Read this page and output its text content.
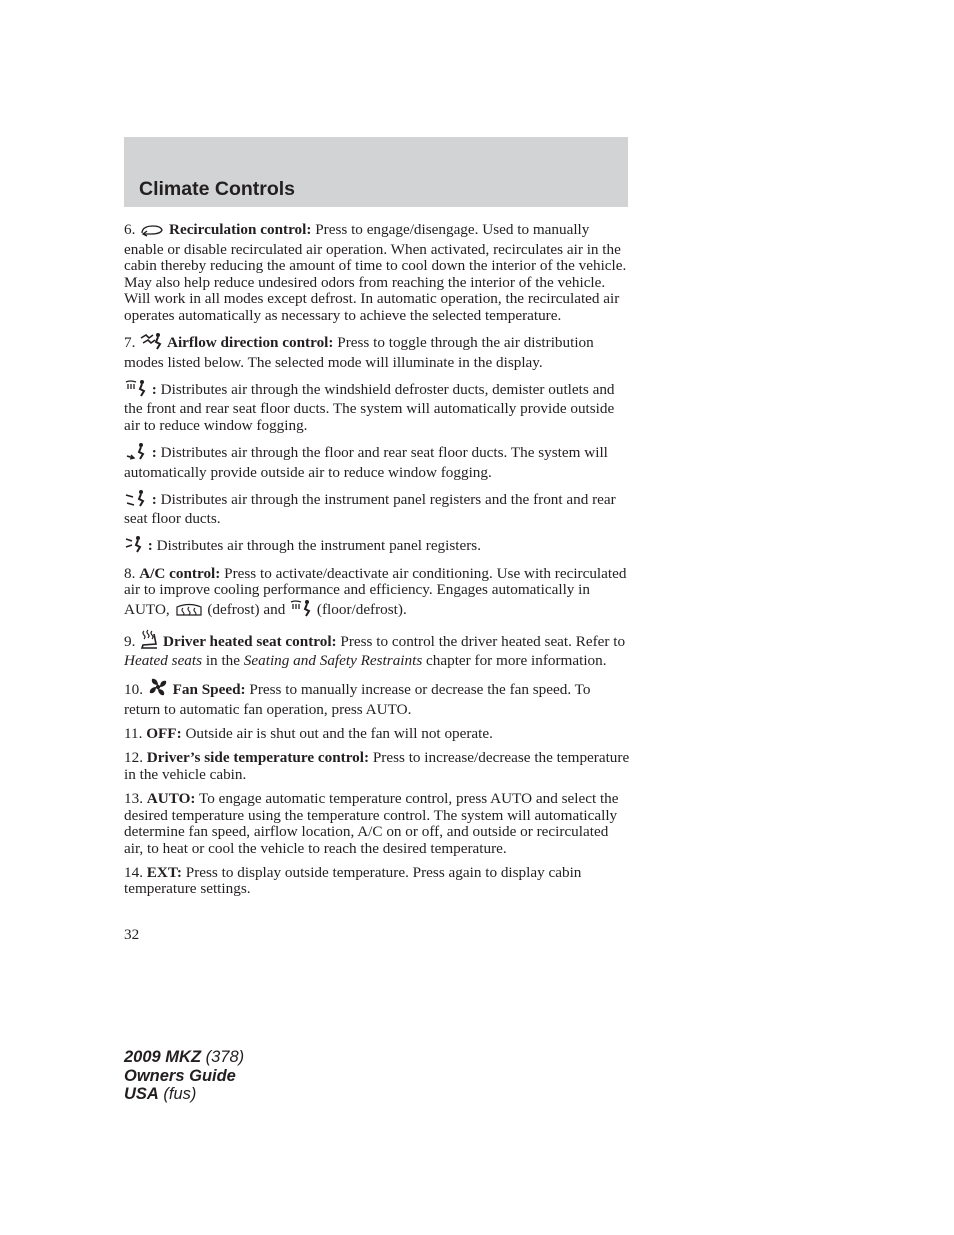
Climate Controls

6. Recirculation control: Press to engage/disengage. Used to manually enable or disable recirculated air operation. When activated, recirculates air in the cabin thereby reducing the amount of time to cool down the interior of the vehicle. May also help reduce undesired odors from reaching the interior of the vehicle. Will work in all modes except defrost. In automatic operation, the recirculated air operates automatically as necessary to achieve the selected temperature.

7. Airflow direction control: Press to toggle through the air distribution modes listed below. The selected mode will illuminate in the display.

: Distributes air through the windshield defroster ducts, demister outlets and the front and rear seat floor ducts. The system will automatically provide outside air to reduce window fogging.

: Distributes air through the floor and rear seat floor ducts. The system will automatically provide outside air to reduce window fogging.

: Distributes air through the instrument panel registers and the front and rear seat floor ducts.

: Distributes air through the instrument panel registers.

8. A/C control: Press to activate/deactivate air conditioning. Use with recirculated air to improve cooling performance and efficiency. Engages automatically in AUTO, (defrost) and (floor/defrost).

9. Driver heated seat control: Press to control the driver heated seat. Refer to Heated seats in the Seating and Safety Restraints chapter for more information.

10. Fan Speed: Press to manually increase or decrease the fan speed. To return to automatic fan operation, press AUTO.

11. OFF: Outside air is shut out and the fan will not operate.

12. Driver’s side temperature control: Press to increase/decrease the temperature in the vehicle cabin.

13. AUTO: To engage automatic temperature control, press AUTO and select the desired temperature using the temperature control. The system will automatically determine fan speed, airflow location, A/C on or off, and outside or recirculated air, to heat or cool the vehicle to reach the desired temperature.

14. EXT: Press to display outside temperature. Press again to display cabin temperature settings.

32

2009 MKZ (378)
Owners Guide
USA (fus)
